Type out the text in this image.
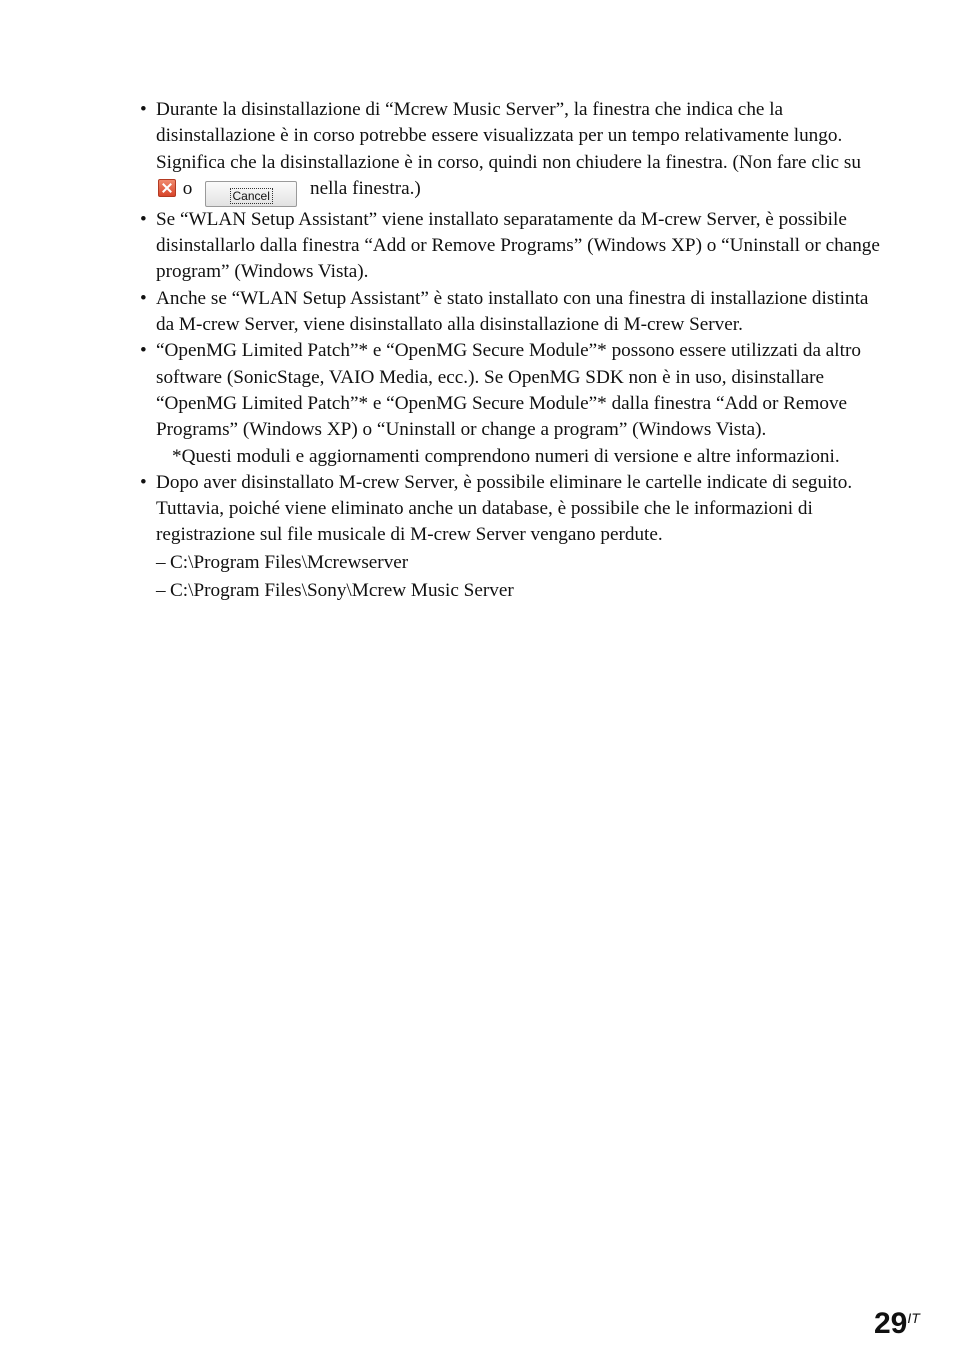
• Durante la disinstallazione di “Mcrew Music Server”, la finestra che indica che la disinstallazione è in corso potrebbe essere visualizzata per un tempo relativamente lungo. Significa che la disinstallazione è in corso, quindi non chiudere la finestra. (Non fare clic su  o	Cancel nella finestra.)
• Se “WLAN Setup Assistant” viene installato separatamente da M-crew Server, è possibile disinstallarlo dalla finestra “Add or Remove Programs” (Windows XP) o “Uninstall or change program” (Windows Vista).
• Anche se “WLAN Setup Assistant” è stato installato con una finestra di installazione distinta da M-crew Server, viene disinstallato alla disinstallazione di M-crew Server.
• “OpenMG Limited Patch”* e “OpenMG Secure Module”* possono essere utilizzati da altro software (SonicStage, VAIO Media, ecc.). Se OpenMG SDK non è in uso, disinstallare “OpenMG Limited Patch”* e “OpenMG Secure Module”* dalla finestra “Add or Remove Programs” (Windows XP) o “Uninstall or change a program” (Windows Vista).
*Questi moduli e aggiornamenti comprendono numeri di versione e altre informazioni.
• Dopo aver disinstallato M-crew Server, è possibile eliminare le cartelle indicate di seguito. Tuttavia, poiché viene eliminato anche un database, è possibile che le informazioni di registrazione sul file musicale di M-crew Server vengano perdute.
– C:\Program Files\Mcrewserver
– C:\Program Files\Sony\Mcrew Music Server
$29^{IT}$
